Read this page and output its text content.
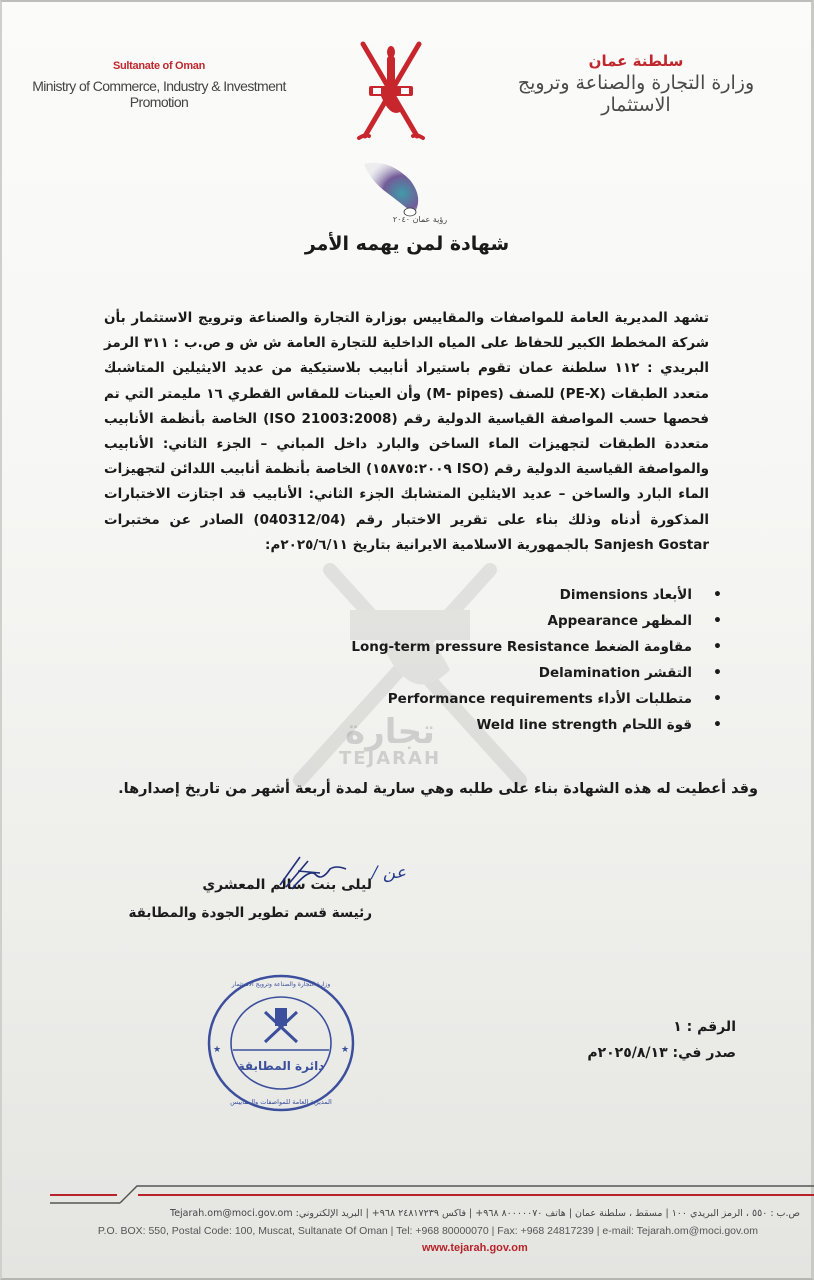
Sultanate of Oman
Ministry of Commerce, Industry & Investment Promotion
سلطنة عمان
وزارة التجارة والصناعة وترويج الاستثمار
رؤية عمان ٢٠٤٠
شهادة لمن يهمه الأمر
تجارة
TEJARAH

تشهد المديرية العامة للمواصفات والمقاييس بوزارة التجارة والصناعة وترويج الاستثمار بأن شركة المخطط الكبير للحفاظ على المياه الداخلية للتجارة العامة ش ش و ص.ب : ٣١١ الرمز البريدي : ١١٢ سلطنة عمان تقوم باستيراد أنابيب بلاستيكية من عديد الايثيلين المتاشبك متعدد الطبقات (PE-X) للصنف (M- pipes) وأن العينات للمقاس القطري ١٦ مليمتر التي تم فحصها حسب المواصفة القياسية الدولية رقم (ISO 21003:2008) الخاصة بأنظمة الأنابيب متعددة الطبقات لتجهيزات الماء الساخن والبارد داخل المباني – الجزء الثاني: الأنابيب والمواصفة القياسية الدولية رقم (ISO ١٥٨٧٥:٢٠٠٩) الخاصة بأنظمة أنابيب اللدائن لتجهيزات الماء البارد والساخن – عديد الايثلين المتشابك الجزء الثاني: الأنابيب قد اجتازت الاختبارات المذكورة أدناه وذلك بناء على تقرير الاختبار رقم (040312/04) الصادر عن مختبرات Sanjesh Gostar بالجمهورية الاسلامية الايرانية بتاريخ ٢٠٢٥/٦/١١م:

• الأبعاد Dimensions
• المظهر Appearance
• مقاومة الضغط Long-term pressure Resistance
• التقشر Delamination
• متطلبات الأداء Performance requirements
• قوة اللحام Weld line strength
وقد أعطيت له هذه الشهادة بناء على طلبه وهي سارية لمدة أربعة أشهر من تاريخ إصدارها.
عن /
ليلى بنت سالم المعشري
رئيسة قسم تطوير الجودة والمطابقة
دائرة المطابقة
وزارة التجارة والصناعة وترويج الاستثمار
المديرية العامة للمواصفات والمقاييس
★	★
الرقم : ١
صدر في: ٢٠٢٥/٨/١٣م
ص.ب : ٥٥٠ ، الرمز البريدي ١٠٠ | مسقط ، سلطنة عمان | هاتف ٨٠٠٠٠٠٧٠ ٩٦٨+ | فاكس ٢٤٨١٧٢٣٩ ٩٦٨+ | البريد الإلكتروني: Tejarah.om@moci.gov.om
P.O. BOX: 550, Postal Code: 100, Muscat, Sultanate Of Oman | Tel: +968 80000070 | Fax: +968 24817239 | e-mail: Tejarah.om@moci.gov.om
www.tejarah.gov.om
